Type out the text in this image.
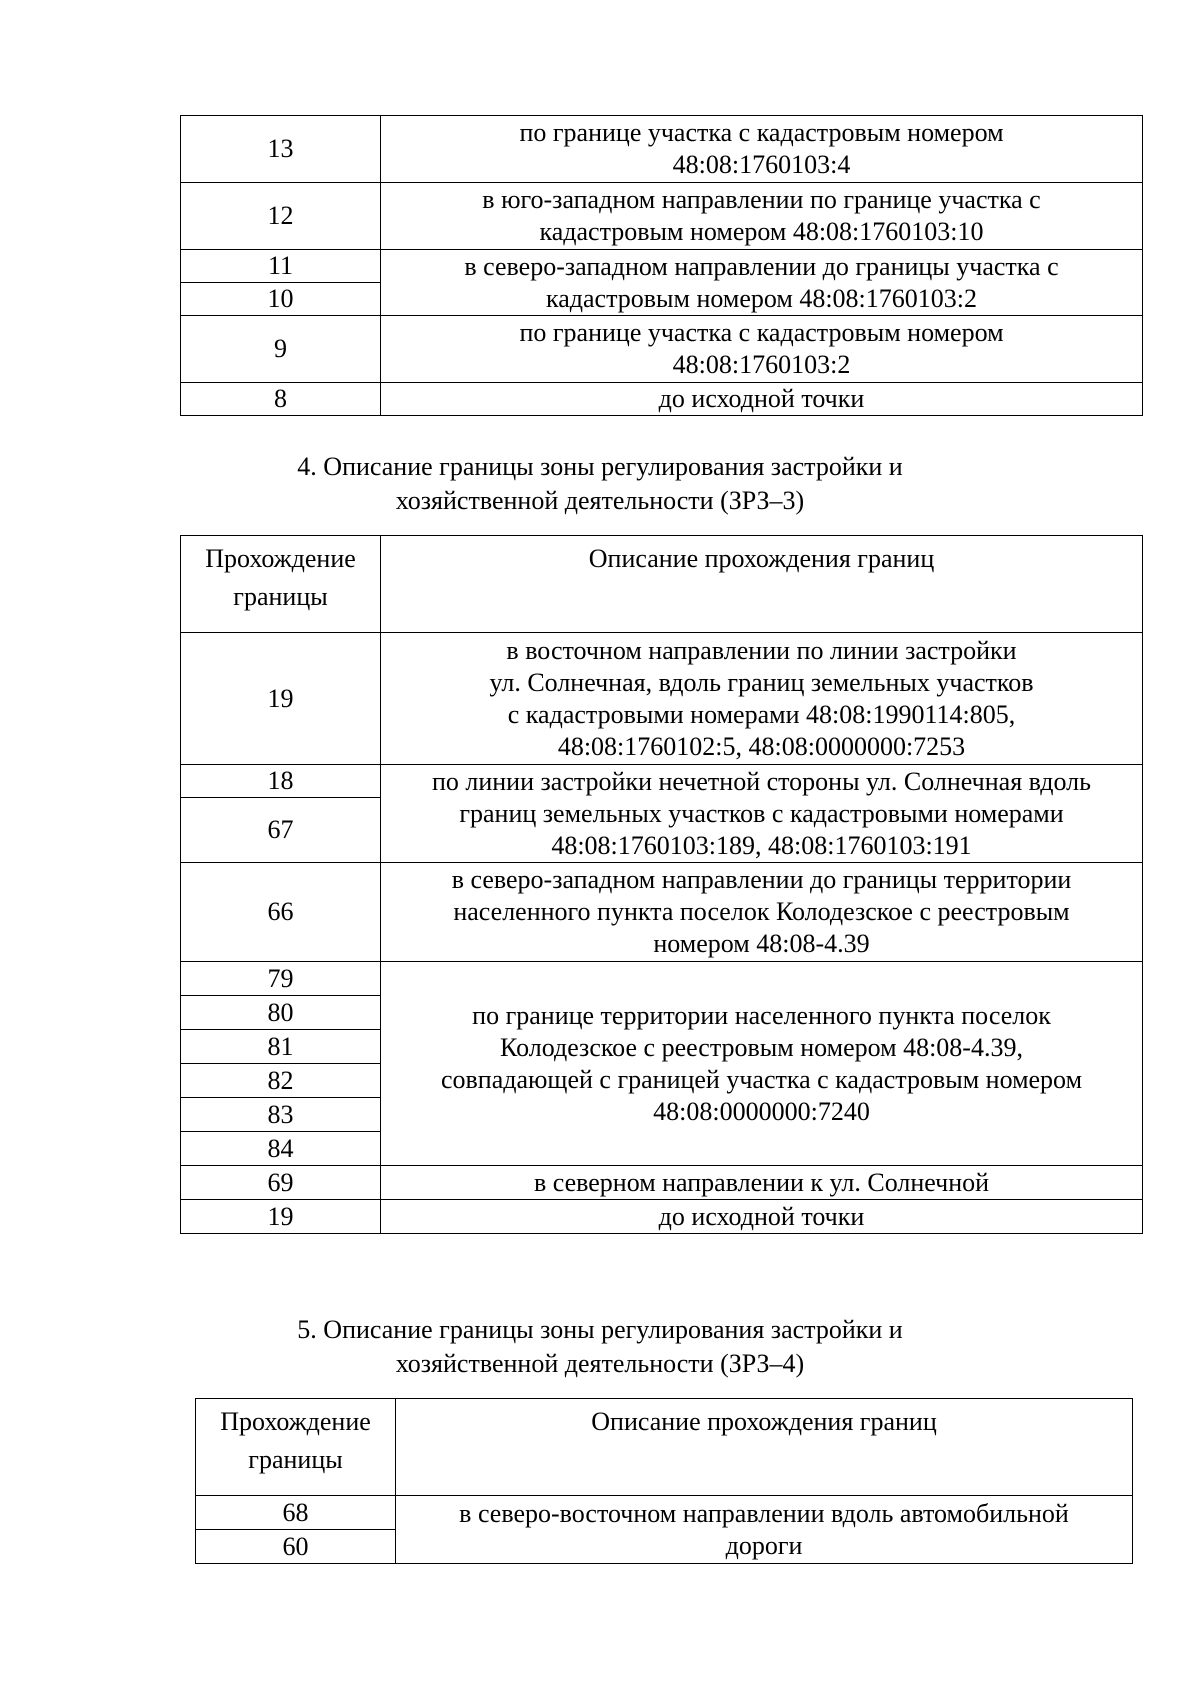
13	по границе участка с кадастровым номером
48:08:1760103:4

12	в юго-западном направлении по границе участка с
кадастровым номером 48:08:1760103:10

11	в северо-западном направлении до границы участка с
кадастровым номером 48:08:1760103:2

10	
9	по границе участка с кадастровым номером
48:08:1760103:2

8	до исходной точки
4. Описание границы зоны регулирования застройки и
хозяйственной деятельности (ЗРЗ–3)
Прохождение
границы	Описание прохождения границ

19	в восточном направлении по линии застройки
ул. Солнечная, вдоль границ земельных участков
с кадастровыми номерами 48:08:1990114:805,
48:08:1760102:5, 48:08:0000000:7253

18	по линии застройки нечетной стороны ул. Солнечная вдоль
границ земельных участков с кадастровыми номерами
48:08:1760103:189, 48:08:1760103:191

67	
66	в северо-западном направлении до границы территории
населенного пункта поселок Колодезское с реестровым
номером 48:08-4.39

79	по границе территории населенного пункта поселок
Колодезское с реестровым номером 48:08-4.39,
совпадающей с границей участка с кадастровым номером
48:08:0000000:7240

80	
81	
82	
83	
84	
69	в северном направлении к ул. Солнечной

19	до исходной точки
5. Описание границы зоны регулирования застройки и
хозяйственной деятельности (ЗРЗ–4)
Прохождение
границы	Описание прохождения границ

68	в северо-восточном направлении вдоль автомобильной
дороги

60	
